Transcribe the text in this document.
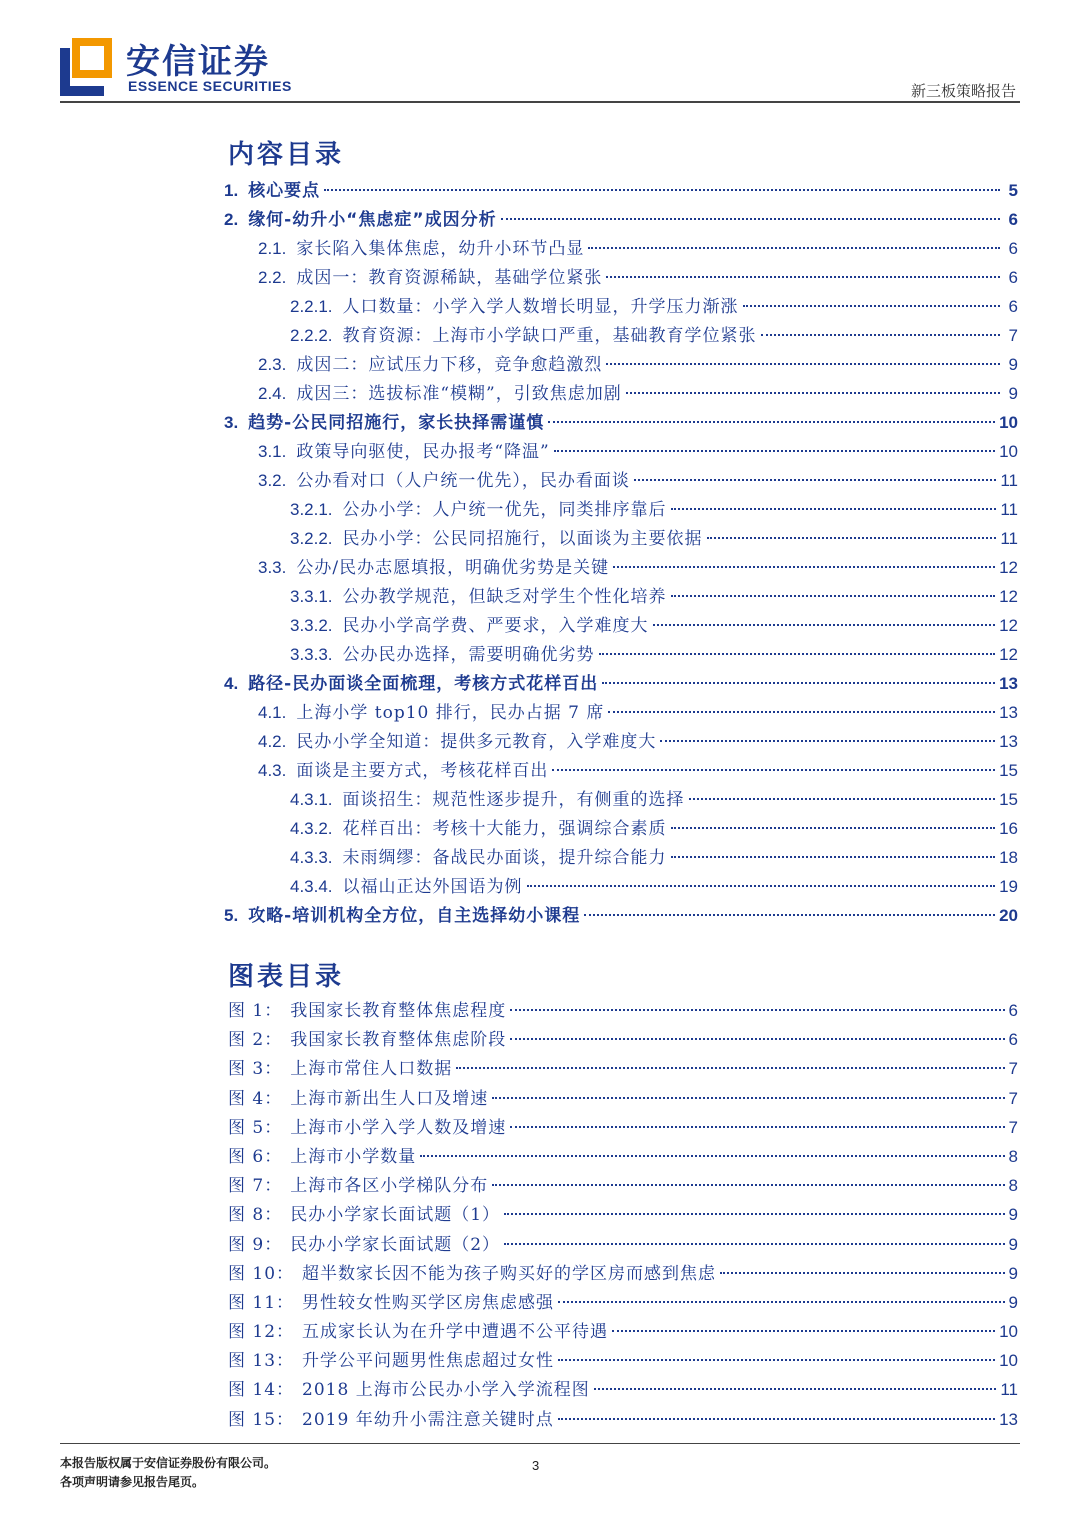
安信证券
ESSENCE SECURITIES	新三板策略报告
内容目录
1. 核心要点	5
2. 缘何-幼升小“焦虑症”成因分析	6
2.1. 家长陷入集体焦虑，幼升小环节凸显	6
2.2. 成因一：教育资源稀缺，基础学位紧张	6
2.2.1. 人口数量：小学入学人数增长明显，升学压力渐涨	6
2.2.2. 教育资源：上海市小学缺口严重，基础教育学位紧张	7
2.3. 成因二：应试压力下移，竞争愈趋激烈	9
2.4. 成因三：选拔标准“模糊”，引致焦虑加剧	9
3. 趋势-公民同招施行，家长抉择需谨慎	10
3.1. 政策导向驱使，民办报考“降温”	10
3.2. 公办看对口（人户统一优先），民办看面谈	11
3.2.1. 公办小学：人户统一优先，同类排序靠后	11
3.2.2. 民办小学：公民同招施行，以面谈为主要依据	11
3.3. 公办/民办志愿填报，明确优劣势是关键	12
3.3.1. 公办教学规范，但缺乏对学生个性化培养	12
3.3.2. 民办小学高学费、严要求，入学难度大	12
3.3.3. 公办民办选择，需要明确优劣势	12
4. 路径-民办面谈全面梳理，考核方式花样百出	13
4.1. 上海小学 top10 排行，民办占据 7 席	13
4.2. 民办小学全知道：提供多元教育，入学难度大	13
4.3. 面谈是主要方式，考核花样百出	15
4.3.1. 面谈招生：规范性逐步提升，有侧重的选择	15
4.3.2. 花样百出：考核十大能力，强调综合素质	16
4.3.3. 未雨绸缪：备战民办面谈，提升综合能力	18
4.3.4. 以福山正达外国语为例	19
5. 攻略-培训机构全方位，自主选择幼小课程	20
图表目录
图 1： 我国家长教育整体焦虑程度	6
图 2： 我国家长教育整体焦虑阶段	6
图 3： 上海市常住人口数据	7
图 4： 上海市新出生人口及增速	7
图 5： 上海市小学入学人数及增速	7
图 6： 上海市小学数量	8
图 7： 上海市各区小学梯队分布	8
图 8： 民办小学家长面试题（1）	9
图 9： 民办小学家长面试题（2）	9
图 10： 超半数家长因不能为孩子购买好的学区房而感到焦虑	9
图 11： 男性较女性购买学区房焦虑感强	9
图 12： 五成家长认为在升学中遭遇不公平待遇	10
图 13： 升学公平问题男性焦虑超过女性	10
图 14： 2018 上海市公民办小学入学流程图	11
图 15： 2019 年幼升小需注意关键时点	13
本报告版权属于安信证券股份有限公司。
各项声明请参见报告尾页。
3
